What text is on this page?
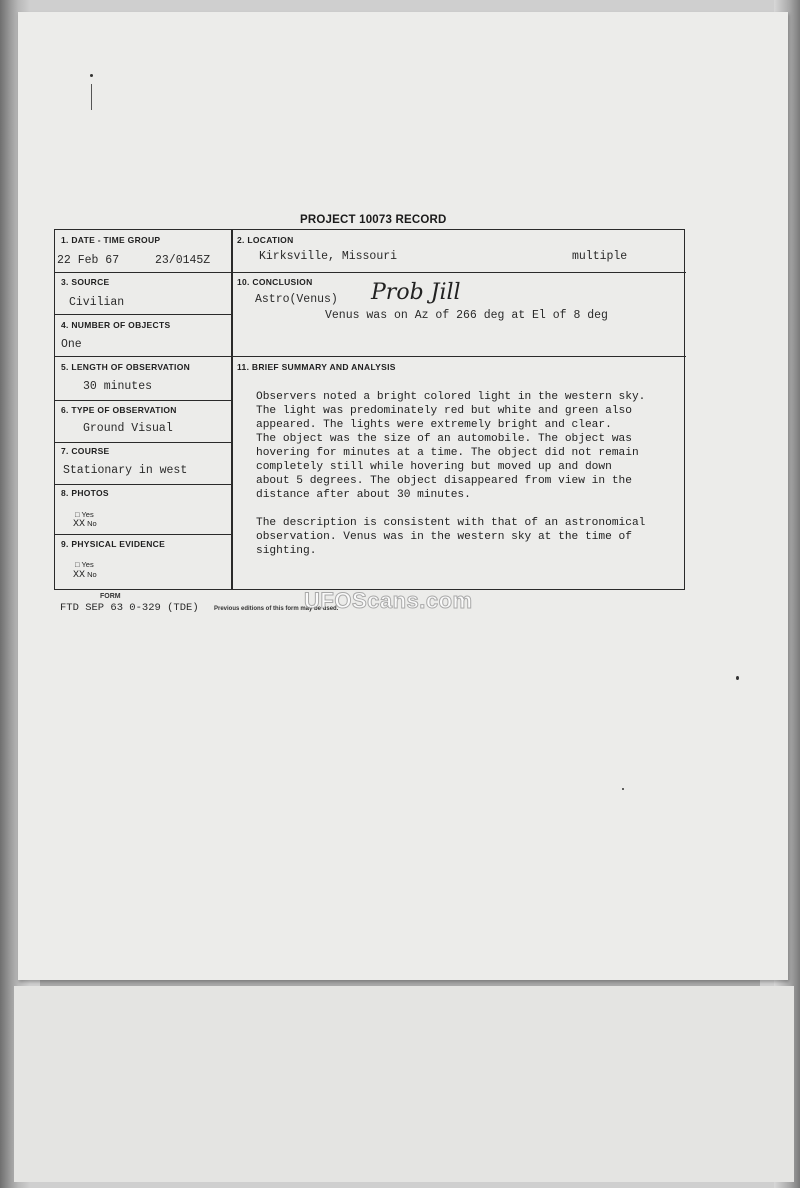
PROJECT 10073 RECORD
1. DATE - TIME GROUP
22 Feb 67	23/0145Z
2. LOCATION
Kirksville, Missouri	multiple
3. SOURCE
Civilian
10. CONCLUSION
Astro(Venus) Prob Jill
Venus was on Az of 266 deg at El of 8 deg
4. NUMBER OF OBJECTS
One
5. LENGTH OF OBSERVATION
30 minutes
11. BRIEF SUMMARY AND ANALYSIS

Observers noted a bright colored light in the western sky.
The light was predominately red but white and green also
appeared. The lights were extremely bright and clear.
The object was the size of an automobile. The object was
hovering for minutes at a time. The object did not remain
completely still while hovering but moved up and down
about 5 degrees. The object disappeared from view in the
distance after about 30 minutes.

The description is consistent with that of an astronomical
observation. Venus was in the western sky at the time of
sighting.

6. TYPE OF OBSERVATION
Ground Visual
7. COURSE
Stationary in west
8. PHOTOS
□ Yes
XX No
9. PHYSICAL EVIDENCE
□ Yes
XX No
FORM
FTD SEP 63 0-329 (TDE)	Previous editions of this form may be used.
UFOScans.com
